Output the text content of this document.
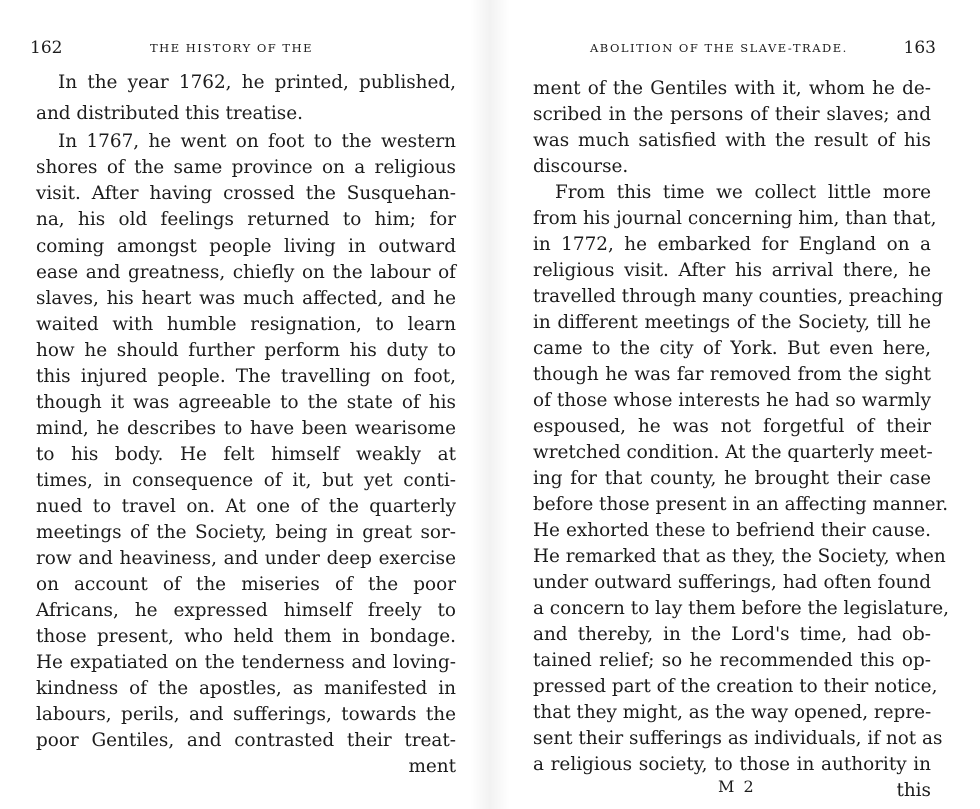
162	THE HISTORY OF THE
In the year 1762, he printed, published,
and distributed this treatise.
In 1767, he went on foot to the western
shores of the same province on a religious
visit. After having crossed the Susquehan-
na, his old feelings returned to him; for
coming amongst people living in outward
ease and greatness, chiefly on the labour of
slaves, his heart was much affected, and he
waited with humble resignation, to learn
how he should further perform his duty to
this injured people. The travelling on foot,
though it was agreeable to the state of his
mind, he describes to have been wearisome
to his body. He felt himself weakly at
times, in consequence of it, but yet conti-
nued to travel on. At one of the quarterly
meetings of the Society, being in great sor-
row and heaviness, and under deep exercise
on account of the miseries of the poor
Africans, he expressed himself freely to
those present, who held them in bondage.
He expatiated on the tenderness and loving-
kindness of the apostles, as manifested in
labours, perils, and sufferings, towards the
poor Gentiles, and contrasted their treat-
ment
ABOLITION OF THE SLAVE-TRADE.	163
ment of the Gentiles with it, whom he de-
scribed in the persons of their slaves; and
was much satisfied with the result of his
discourse.
From this time we collect little more
from his journal concerning him, than that,
in 1772, he embarked for England on a
religious visit. After his arrival there, he
travelled through many counties, preaching
in different meetings of the Society, till he
came to the city of York. But even here,
though he was far removed from the sight
of those whose interests he had so warmly
espoused, he was not forgetful of their
wretched condition. At the quarterly meet-
ing for that county, he brought their case
before those present in an affecting manner.
He exhorted these to befriend their cause.
He remarked that as they, the Society, when
under outward sufferings, had often found
a concern to lay them before the legislature,
and thereby, in the Lord's time, had ob-
tained relief; so he recommended this op-
pressed part of the creation to their notice,
that they might, as the way opened, repre-
sent their sufferings as individuals, if not as
a religious society, to those in authority in
this
M 2
